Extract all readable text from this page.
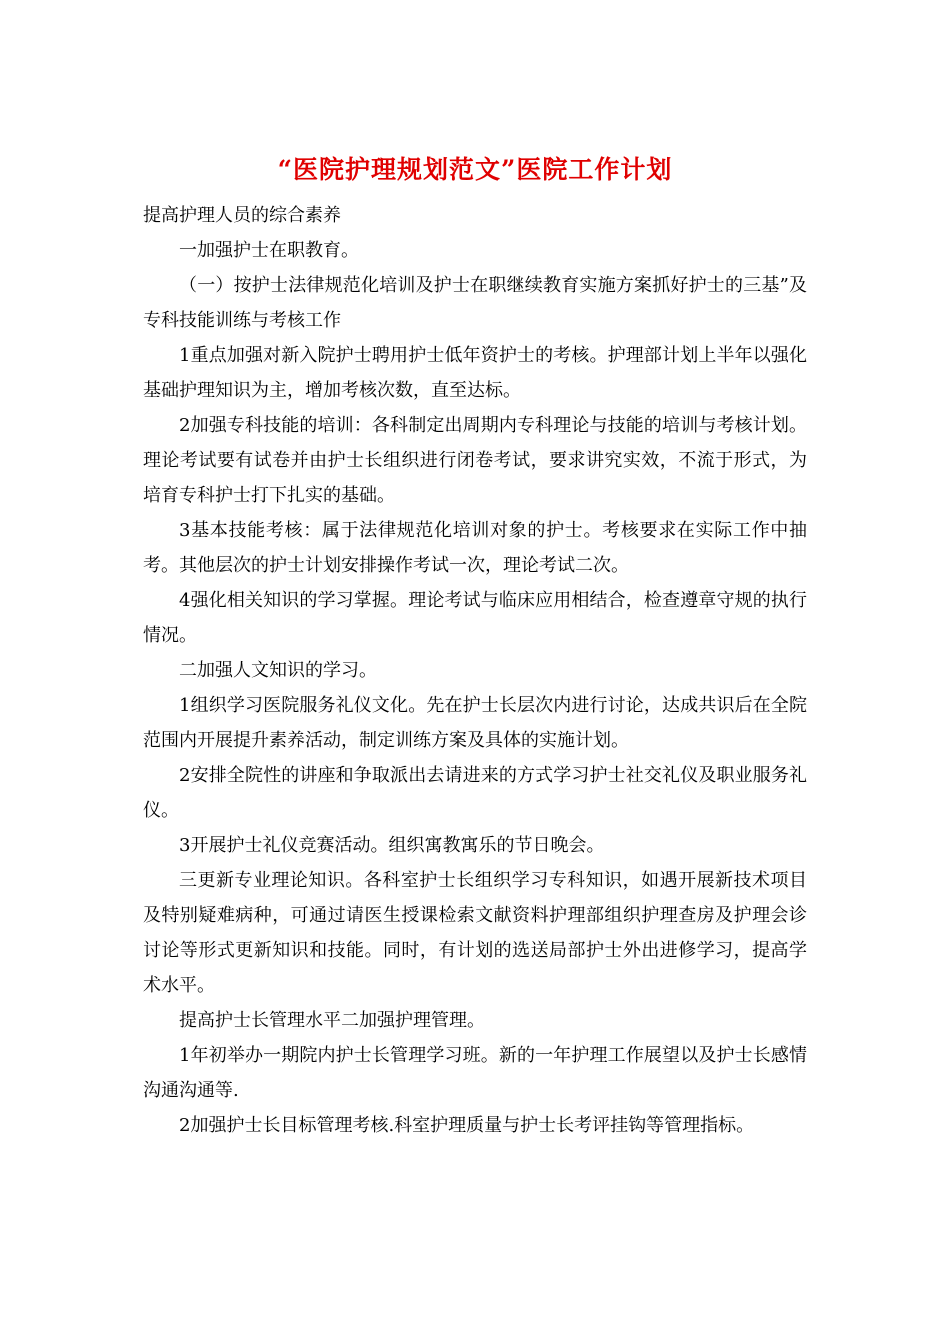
“医院护理规划范文”医院工作计划

提高护理人员的综合素养

一加强护士在职教育。

（一）按护士法律规范化培训及护士在职继续教育实施方案抓好护士的三基”及专科技能训练与考核工作

1重点加强对新入院护士聘用护士低年资护士的考核。护理部计划上半年以强化基础护理知识为主，增加考核次数，直至达标。

2加强专科技能的培训：各科制定出周期内专科理论与技能的培训与考核计划。理论考试要有试卷并由护士长组织进行闭卷考试，要求讲究实效，不流于形式，为培育专科护士打下扎实的基础。

3基本技能考核：属于法律规范化培训对象的护士。考核要求在实际工作中抽考。其他层次的护士计划安排操作考试一次，理论考试二次。

4强化相关知识的学习掌握。理论考试与临床应用相结合，检查遵章守规的执行情况。

二加强人文知识的学习。

1组织学习医院服务礼仪文化。先在护士长层次内进行讨论，达成共识后在全院范围内开展提升素养活动，制定训练方案及具体的实施计划。

2安排全院性的讲座和争取派出去请进来的方式学习护士社交礼仪及职业服务礼仪。

3开展护士礼仪竞赛活动。组织寓教寓乐的节日晚会。

三更新专业理论知识。各科室护士长组织学习专科知识，如遇开展新技术项目及特别疑难病种，可通过请医生授课检索文献资料护理部组织护理查房及护理会诊讨论等形式更新知识和技能。同时，有计划的选送局部护士外出进修学习，提高学术水平。

提高护士长管理水平二加强护理管理。

1年初举办一期院内护士长管理学习班。新的一年护理工作展望以及护士长感情沟通沟通等.

2加强护士长目标管理考核.科室护理质量与护士长考评挂钩等管理指标。
